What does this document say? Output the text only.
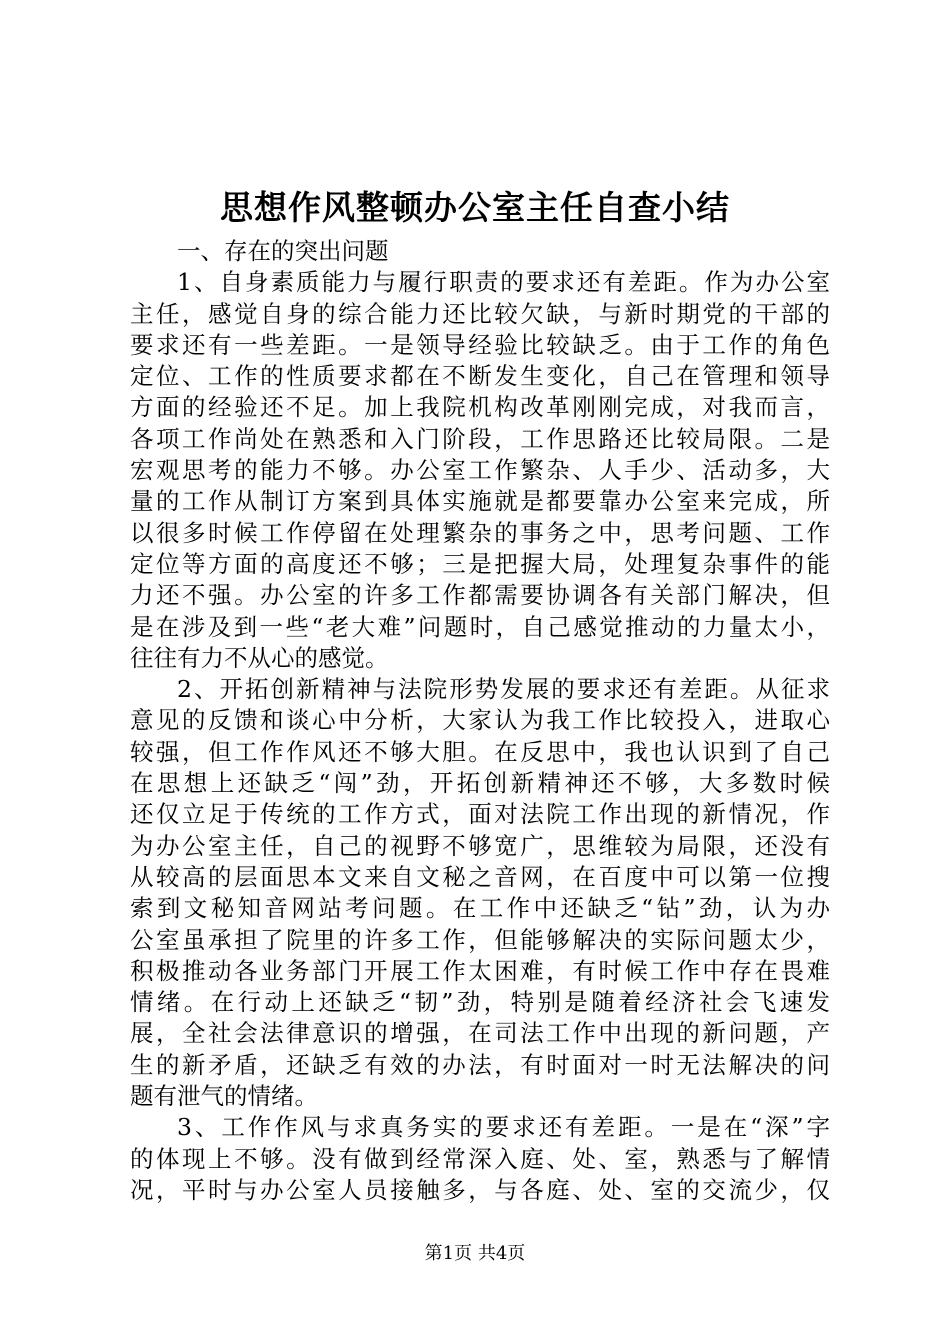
思想作风整顿办公室主任自查小结
一、存在的突出问题
1、自身素质能力与履行职责的要求还有差距。作为办公室
主任，感觉自身的综合能力还比较欠缺，与新时期党的干部的
要求还有一些差距。一是领导经验比较缺乏。由于工作的角色
定位、工作的性质要求都在不断发生变化，自己在管理和领导
方面的经验还不足。加上我院机构改革刚刚完成，对我而言，
各项工作尚处在熟悉和入门阶段，工作思路还比较局限。二是
宏观思考的能力不够。办公室工作繁杂、人手少、活动多，大
量的工作从制订方案到具体实施就是都要靠办公室来完成，所
以很多时候工作停留在处理繁杂的事务之中，思考问题、工作
定位等方面的高度还不够；三是把握大局，处理复杂事件的能
力还不强。办公室的许多工作都需要协调各有关部门解决，但
是在涉及到一些“老大难”问题时，自己感觉推动的力量太小，
往往有力不从心的感觉。
2、开拓创新精神与法院形势发展的要求还有差距。从征求
意见的反馈和谈心中分析，大家认为我工作比较投入，进取心
较强，但工作作风还不够大胆。在反思中，我也认识到了自己
在思想上还缺乏“闯”劲，开拓创新精神还不够，大多数时候
还仅立足于传统的工作方式，面对法院工作出现的新情况，作
为办公室主任，自己的视野不够宽广，思维较为局限，还没有
从较高的层面思本文来自文秘之音网，在百度中可以第一位搜
索到文秘知音网站考问题。在工作中还缺乏“钻”劲，认为办
公室虽承担了院里的许多工作，但能够解决的实际问题太少，
积极推动各业务部门开展工作太困难，有时候工作中存在畏难
情绪。在行动上还缺乏“韧”劲，特别是随着经济社会飞速发
展，全社会法律意识的增强，在司法工作中出现的新问题，产
生的新矛盾，还缺乏有效的办法，有时面对一时无法解决的问
题有泄气的情绪。
3、工作作风与求真务实的要求还有差距。一是在“深”字
的体现上不够。没有做到经常深入庭、处、室，熟悉与了解情
况，平时与办公室人员接触多，与各庭、处、室的交流少，仅
第1页 共4页
